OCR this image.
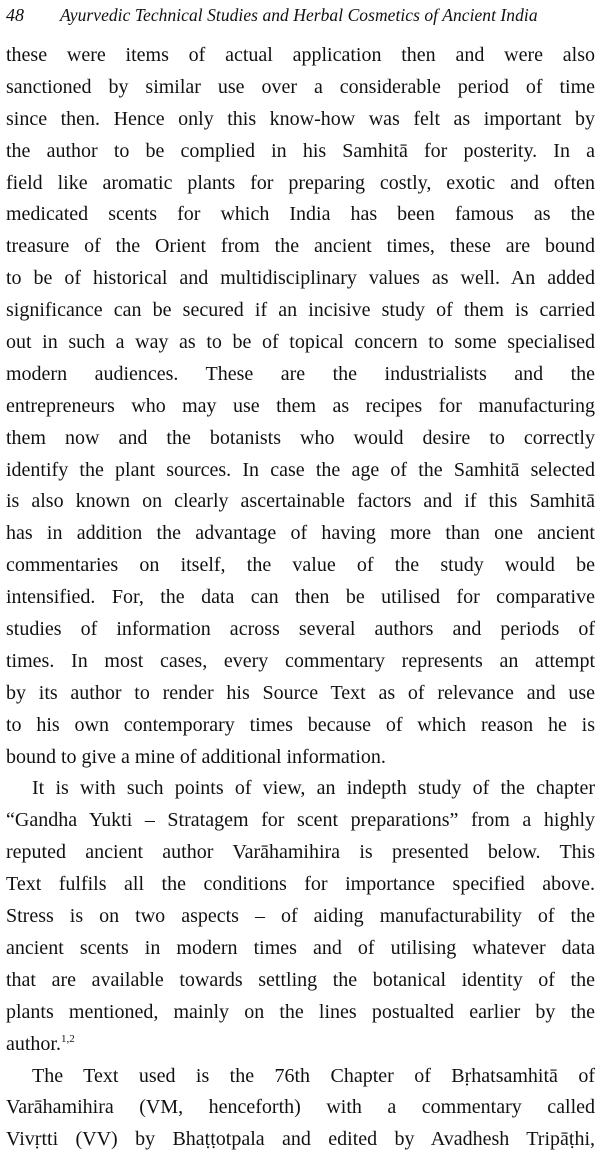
48 Ayurvedic Technical Studies and Herbal Cosmetics of Ancient India
these were items of actual application then and were also
sanctioned by similar use over a considerable period of time
since then. Hence only this know-how was felt as important by
the author to be complied in his Samhitā for posterity. In a
field like aromatic plants for preparing costly, exotic and often
medicated scents for which India has been famous as the
treasure of the Orient from the ancient times, these are bound
to be of historical and multidisciplinary values as well. An added
significance can be secured if an incisive study of them is carried
out in such a way as to be of topical concern to some specialised
modern audiences. These are the industrialists and the
entrepreneurs who may use them as recipes for manufacturing
them now and the botanists who would desire to correctly
identify the plant sources. In case the age of the Samhitā selected
is also known on clearly ascertainable factors and if this Samhitā
has in addition the advantage of having more than one ancient
commentaries on itself, the value of the study would be
intensified. For, the data can then be utilised for comparative
studies of information across several authors and periods of
times. In most cases, every commentary represents an attempt
by its author to render his Source Text as of relevance and use
to his own contemporary times because of which reason he is
bound to give a mine of additional information.
It is with such points of view, an indepth study of the chapter
“Gandha Yukti – Stratagem for scent preparations” from a highly
reputed ancient author Varāhamihira is presented below. This
Text fulfils all the conditions for importance specified above.
Stress is on two aspects – of aiding manufacturability of the
ancient scents in modern times and of utilising whatever data
that are available towards settling the botanical identity of the
plants mentioned, mainly on the lines postualted earlier by the
author.$^{1,2}$
The Text used is the 76th Chapter of Bṛhatsamhitā of
Varāhamihira (VM, henceforth) with a commentary called
Vivṛtti (VV) by Bhaṭṭotpala and edited by Avadhesh Tripāṭhi,
